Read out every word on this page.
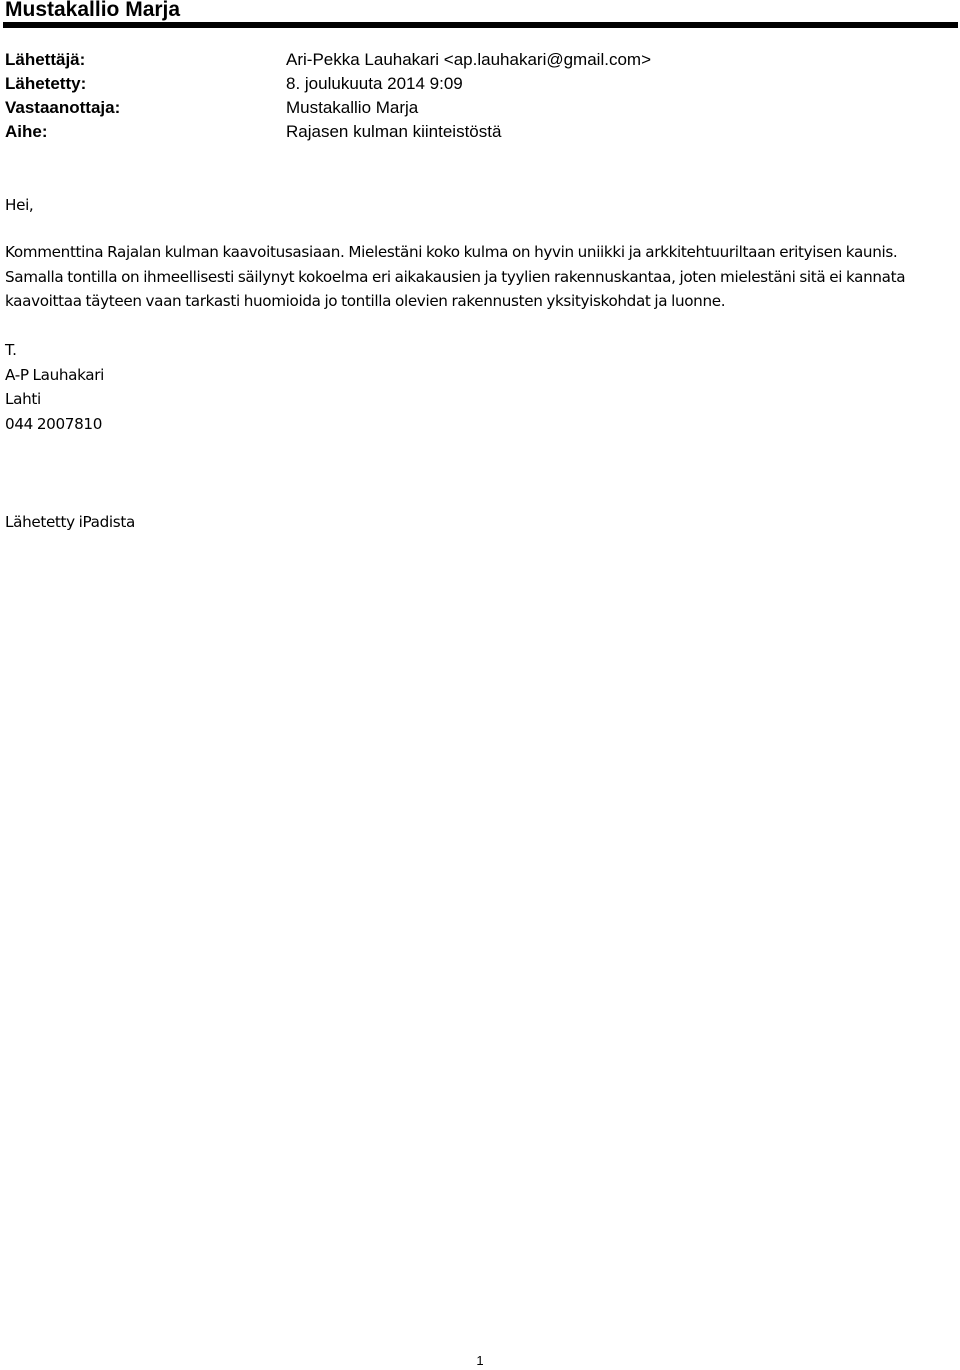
Mustakallio Marja
Lähettäjä:	Ari-Pekka Lauhakari <ap.lauhakari@gmail.com>
Lähetetty:	8. joulukuuta 2014 9:09
Vastaanottaja:	Mustakallio Marja
Aihe:	Rajasen kulman kiinteistöstä
Hei,
Kommenttina Rajalan kulman kaavoitusasiaan. Mielestäni koko kulma on hyvin uniikki ja arkkitehtuuriltaan erityisen kaunis. Samalla tontilla on ihmeellisesti säilynyt kokoelma eri aikakausien ja tyylien rakennuskantaa, joten mielestäni sitä ei kannata kaavoittaa täyteen vaan tarkasti huomioida jo tontilla olevien rakennusten yksityiskohdat ja luonne.
T.
A-P Lauhakari
Lahti
044 2007810
Lähetetty iPadista
1
